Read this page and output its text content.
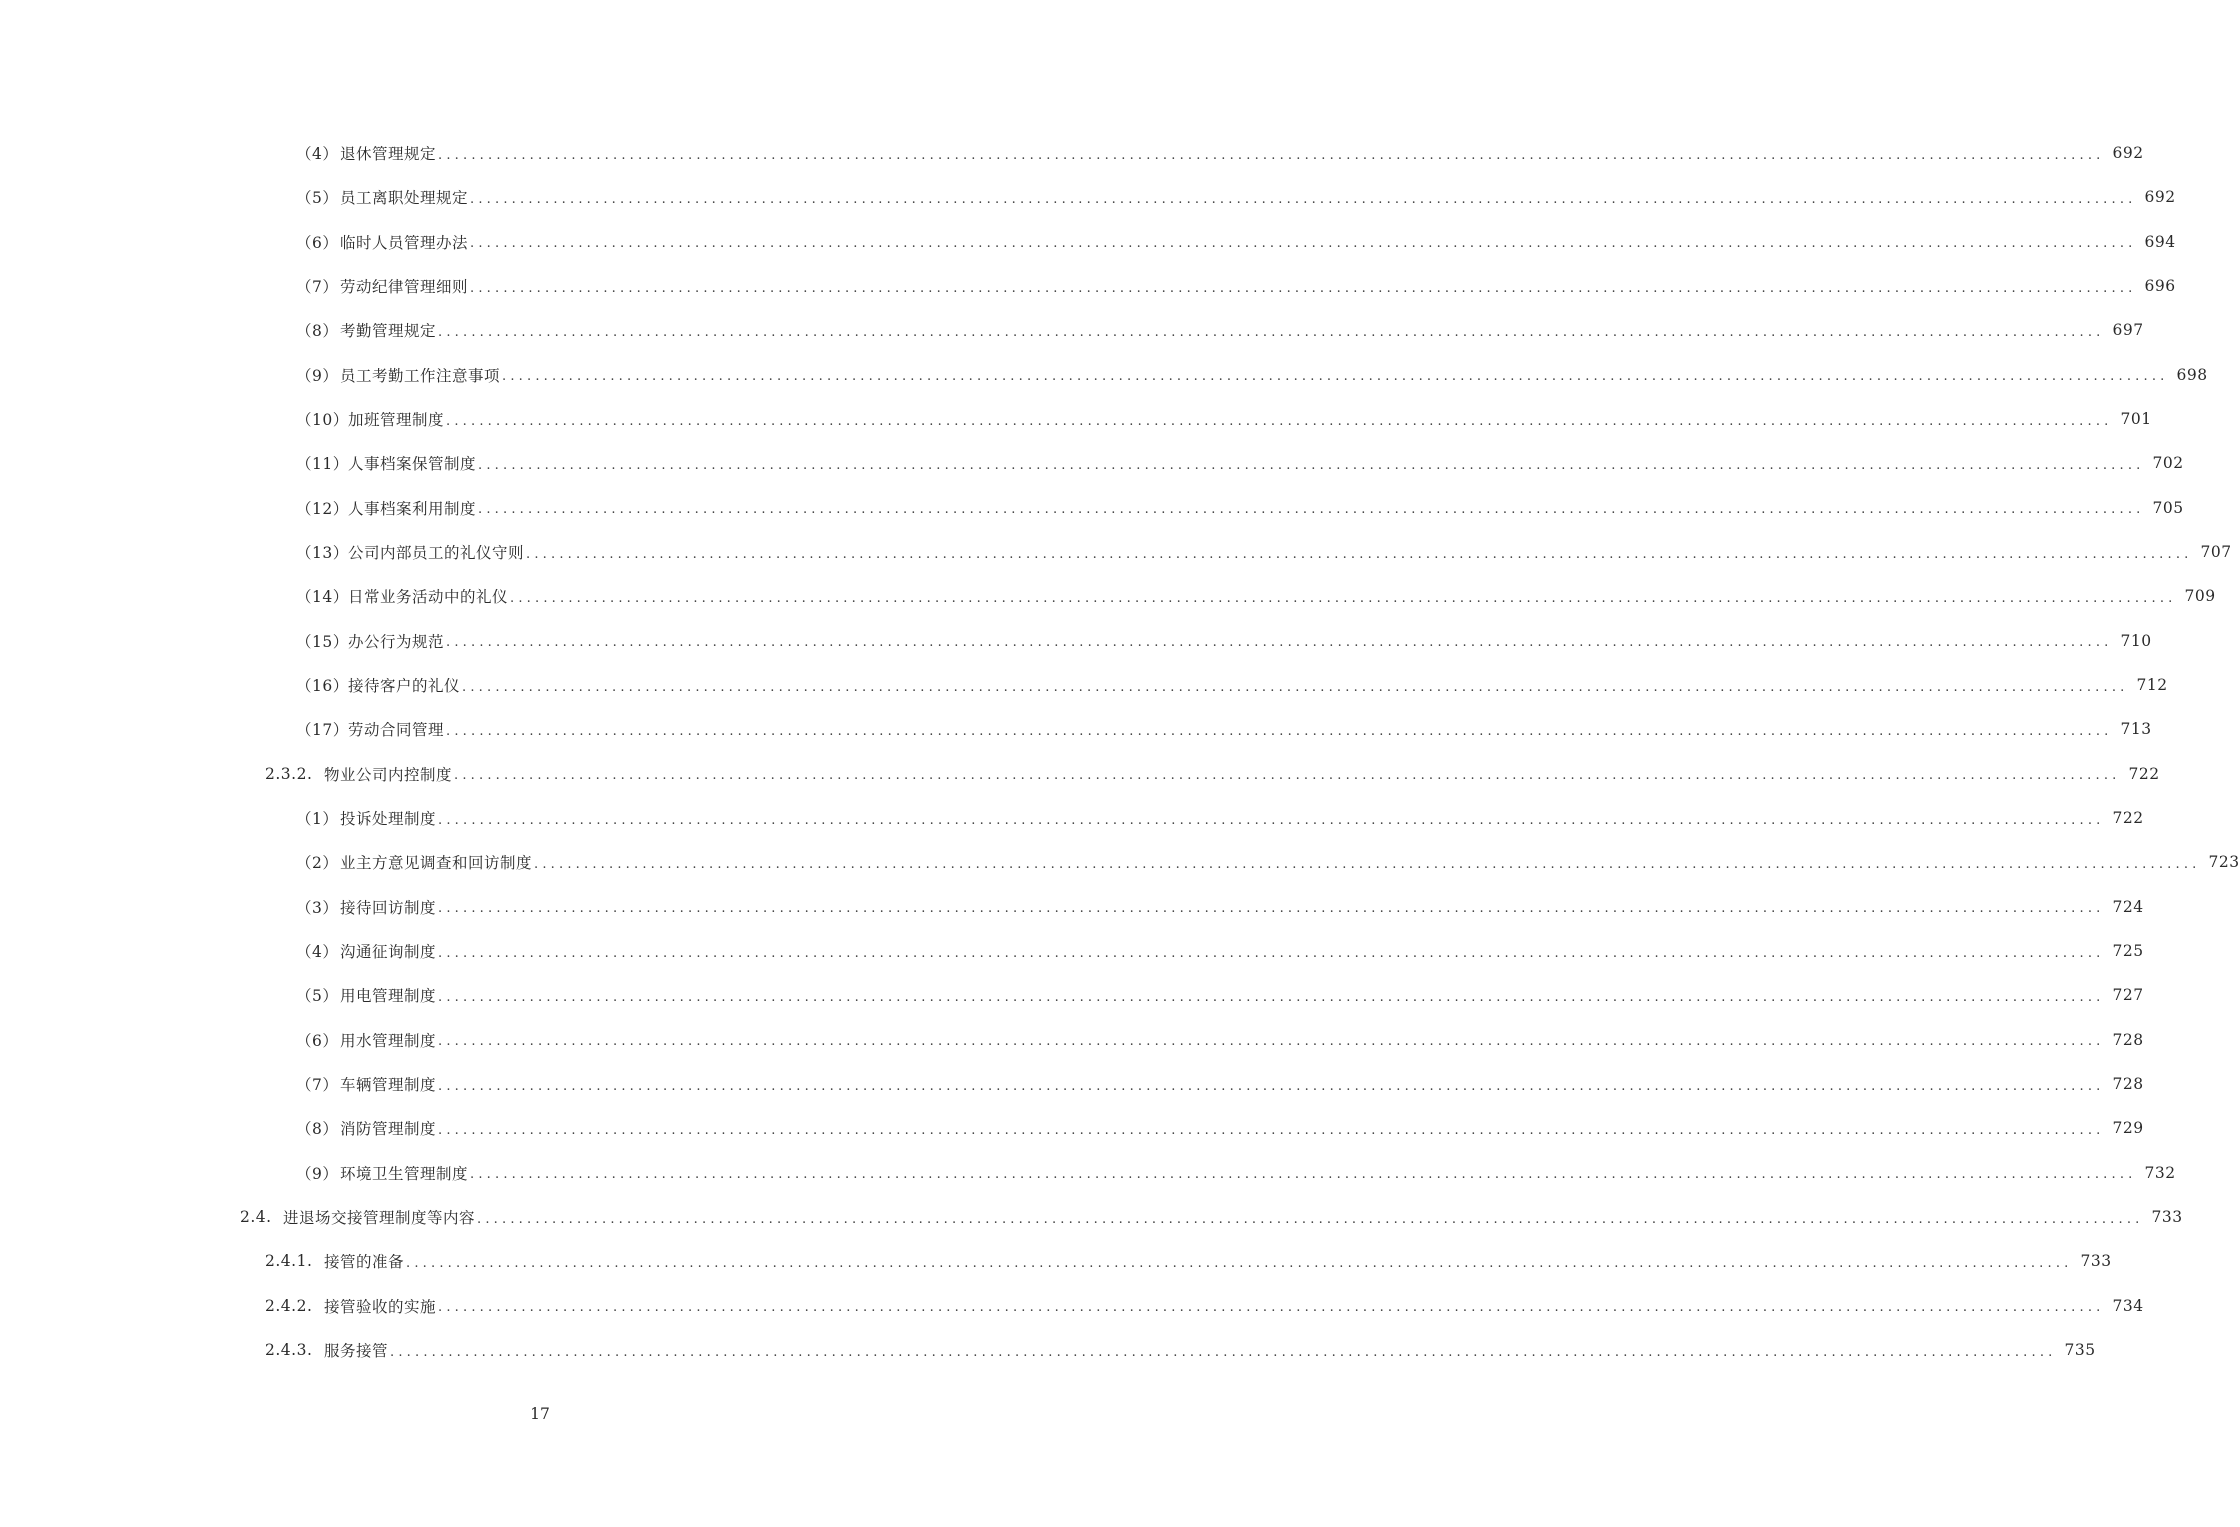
（4） 退休管理规定 ........................................................................................................................................................................................................ 692
（5） 员工离职处理规定 ........................................................................................................................................................................................................ 692
（6） 临时人员管理办法 ........................................................................................................................................................................................................ 694
（7） 劳动纪律管理细则 ........................................................................................................................................................................................................ 696
（8） 考勤管理规定 ........................................................................................................................................................................................................ 697
（9） 员工考勤工作注意事项 ........................................................................................................................................................................................................ 698
（10） 加班管理制度 ........................................................................................................................................................................................................ 701
（11） 人事档案保管制度 ........................................................................................................................................................................................................ 702
（12） 人事档案利用制度 ........................................................................................................................................................................................................ 705
（13） 公司内部员工的礼仪守则 ........................................................................................................................................................................................................ 707
（14） 日常业务活动中的礼仪 ........................................................................................................................................................................................................ 709
（15） 办公行为规范 ........................................................................................................................................................................................................ 710
（16） 接待客户的礼仪 ........................................................................................................................................................................................................ 712
（17） 劳动合同管理 ........................................................................................................................................................................................................ 713
2.3.2. 物业公司内控制度 ........................................................................................................................................................................................................ 722
（1） 投诉处理制度 ........................................................................................................................................................................................................ 722
（2） 业主方意见调查和回访制度 ........................................................................................................................................................................................................ 723
（3） 接待回访制度 ........................................................................................................................................................................................................ 724
（4） 沟通征询制度 ........................................................................................................................................................................................................ 725
（5） 用电管理制度 ........................................................................................................................................................................................................ 727
（6） 用水管理制度 ........................................................................................................................................................................................................ 728
（7） 车辆管理制度 ........................................................................................................................................................................................................ 728
（8） 消防管理制度 ........................................................................................................................................................................................................ 729
（9） 环境卫生管理制度 ........................................................................................................................................................................................................ 732
2.4. 进退场交接管理制度等内容 ........................................................................................................................................................................................................ 733
2.4.1. 接管的准备 ........................................................................................................................................................................................................ 733
2.4.2. 接管验收的实施 ........................................................................................................................................................................................................ 734
2.4.3. 服务接管 ........................................................................................................................................................................................................ 735
17
